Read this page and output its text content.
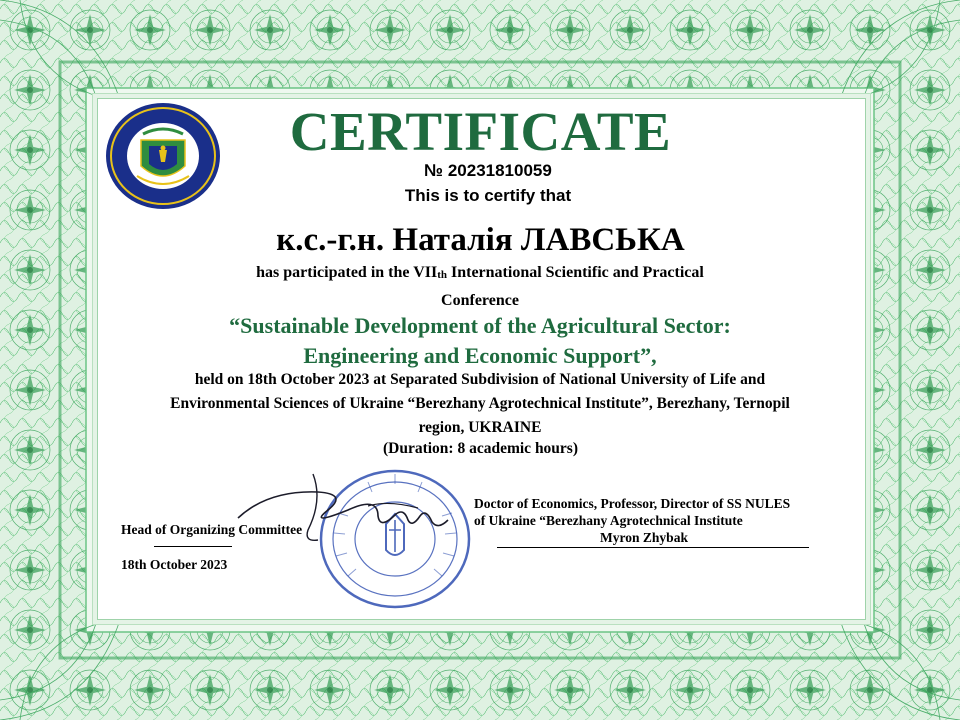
CERTIFICATE

№ 20231810059

This is to certify that

к.с.-г.н. Наталія ЛАВСЬКА

has participated in the $VII_{th}$ International Scientific and Practical
Conference

“Sustainable Development of the Agricultural Sector:
Engineering and Economic Support”,

held on 18th October 2023 at Separated Subdivision of National University of Life and
Environmental Sciences of Ukraine “Berezhany Agrotechnical Institute”, Berezhany, Ternopil
region, UKRAINE

(Duration: 8 academic hours)

Head of Organizing Committee

18th October 2023

Doctor of Economics, Professor, Director of SS NULES
of Ukraine “Berezhany Agrotechnical Institute

Myron Zhybak
